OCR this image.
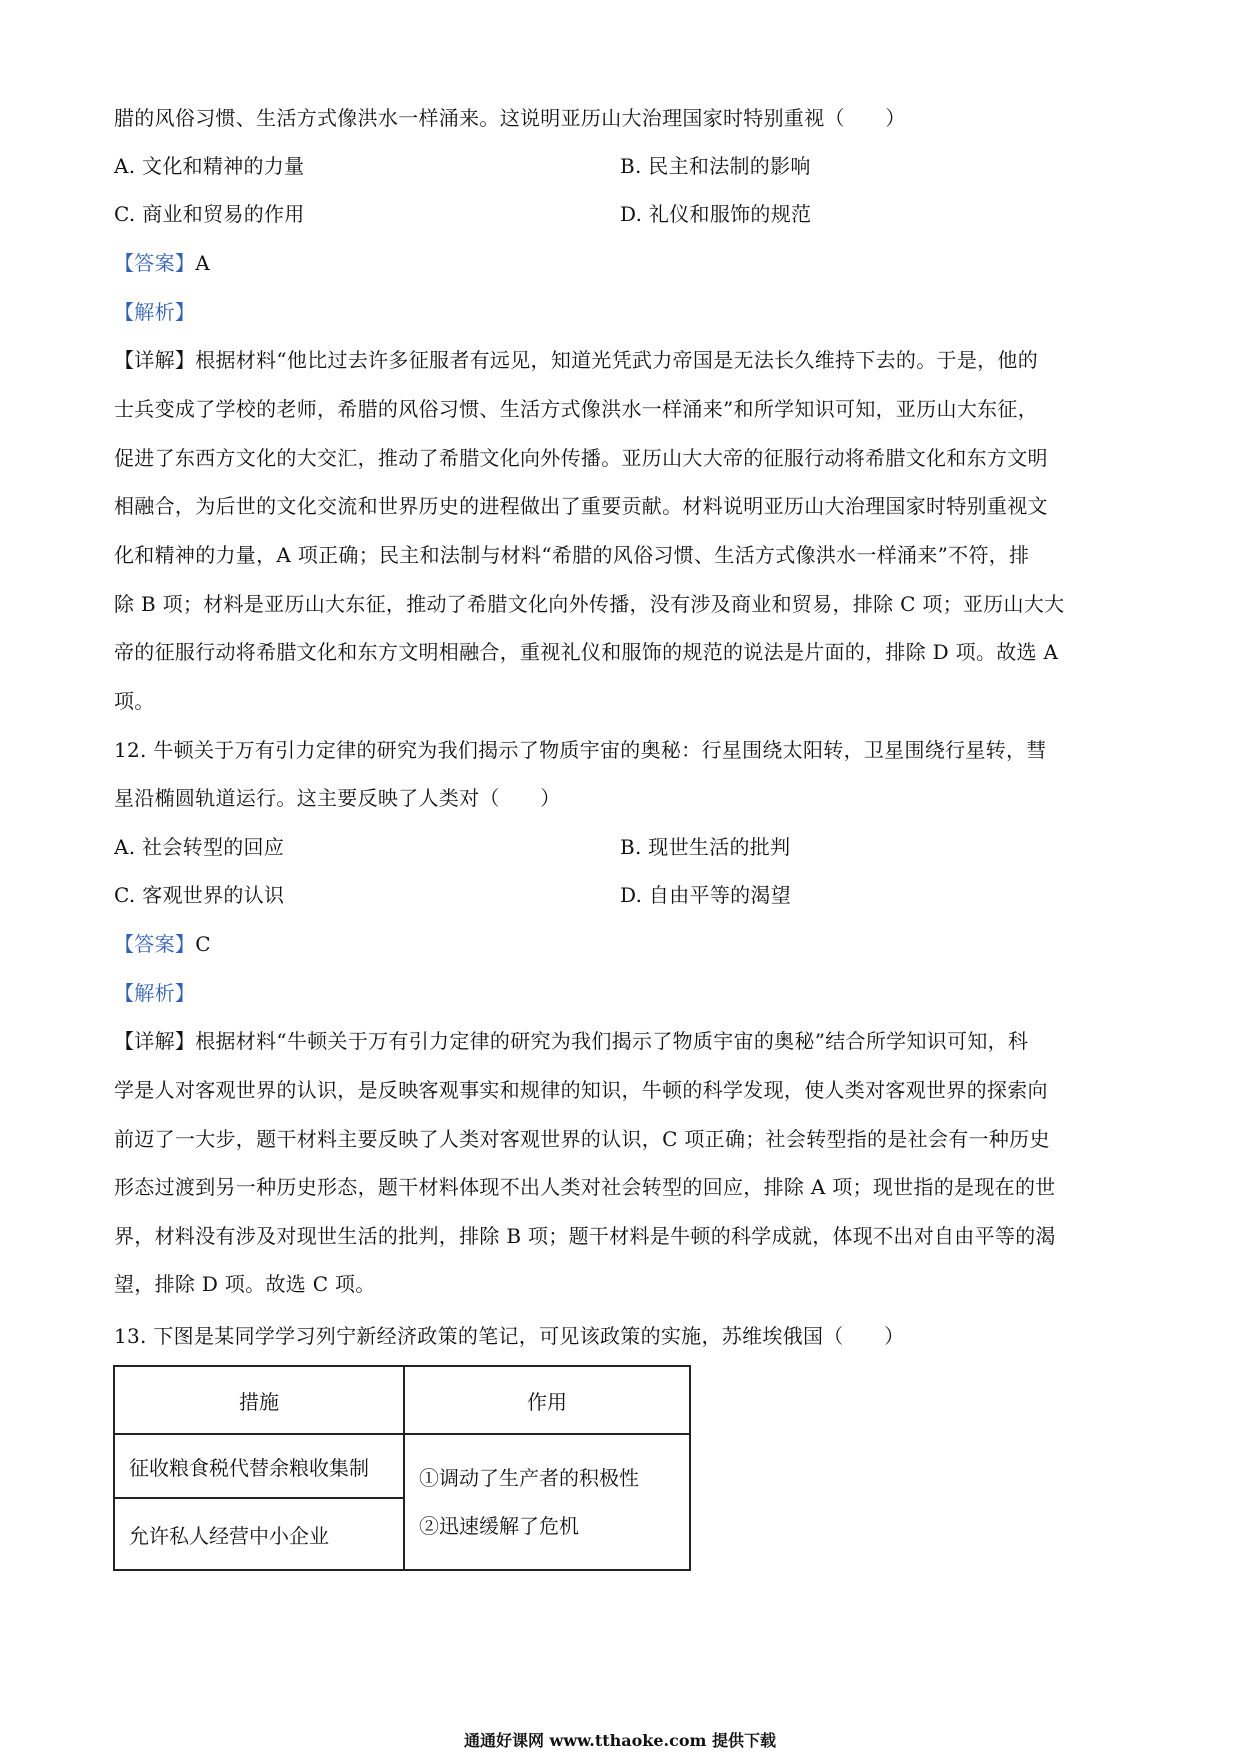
腊的风俗习惯、生活方式像洪水一样涌来。这说明亚历山大治理国家时特别重视（　　）
A. 文化和精神的力量	B. 民主和法制的影响
C. 商业和贸易的作用	D. 礼仪和服饰的规范
【答案】A
【解析】
【详解】根据材料“他比过去许多征服者有远见，知道光凭武力帝国是无法长久维持下去的。于是，他的
士兵变成了学校的老师，希腊的风俗习惯、生活方式像洪水一样涌来”和所学知识可知，亚历山大东征，
促进了东西方文化的大交汇，推动了希腊文化向外传播。亚历山大大帝的征服行动将希腊文化和东方文明
相融合，为后世的文化交流和世界历史的进程做出了重要贡献。材料说明亚历山大治理国家时特别重视文
化和精神的力量，A 项正确；民主和法制与材料“希腊的风俗习惯、生活方式像洪水一样涌来”不符，排
除 B 项；材料是亚历山大东征，推动了希腊文化向外传播，没有涉及商业和贸易，排除 C 项；亚历山大大
帝的征服行动将希腊文化和东方文明相融合，重视礼仪和服饰的规范的说法是片面的，排除 D 项。故选 A
项。
12. 牛顿关于万有引力定律的研究为我们揭示了物质宇宙的奥秘：行星围绕太阳转，卫星围绕行星转，彗
星沿椭圆轨道运行。这主要反映了人类对（　　）
A. 社会转型的回应	B. 现世生活的批判
C. 客观世界的认识	D. 自由平等的渴望
【答案】C
【解析】
【详解】根据材料“牛顿关于万有引力定律的研究为我们揭示了物质宇宙的奥秘”结合所学知识可知，科
学是人对客观世界的认识，是反映客观事实和规律的知识，牛顿的科学发现，使人类对客观世界的探索向
前迈了一大步，题干材料主要反映了人类对客观世界的认识，C 项正确；社会转型指的是社会有一种历史
形态过渡到另一种历史形态，题干材料体现不出人类对社会转型的回应，排除 A 项；现世指的是现在的世
界，材料没有涉及对现世生活的批判，排除 B 项；题干材料是牛顿的科学成就，体现不出对自由平等的渴
望，排除 D 项。故选 C 项。
13. 下图是某同学学习列宁新经济政策的笔记，可见该政策的实施，苏维埃俄国（　　）
措施	作用
征收粮食税代替余粮收集制	①调动了生产者的积极性
②迅速缓解了危机

允许私人经营中小企业	
通通好课网 www.tthaoke.com 提供下载
